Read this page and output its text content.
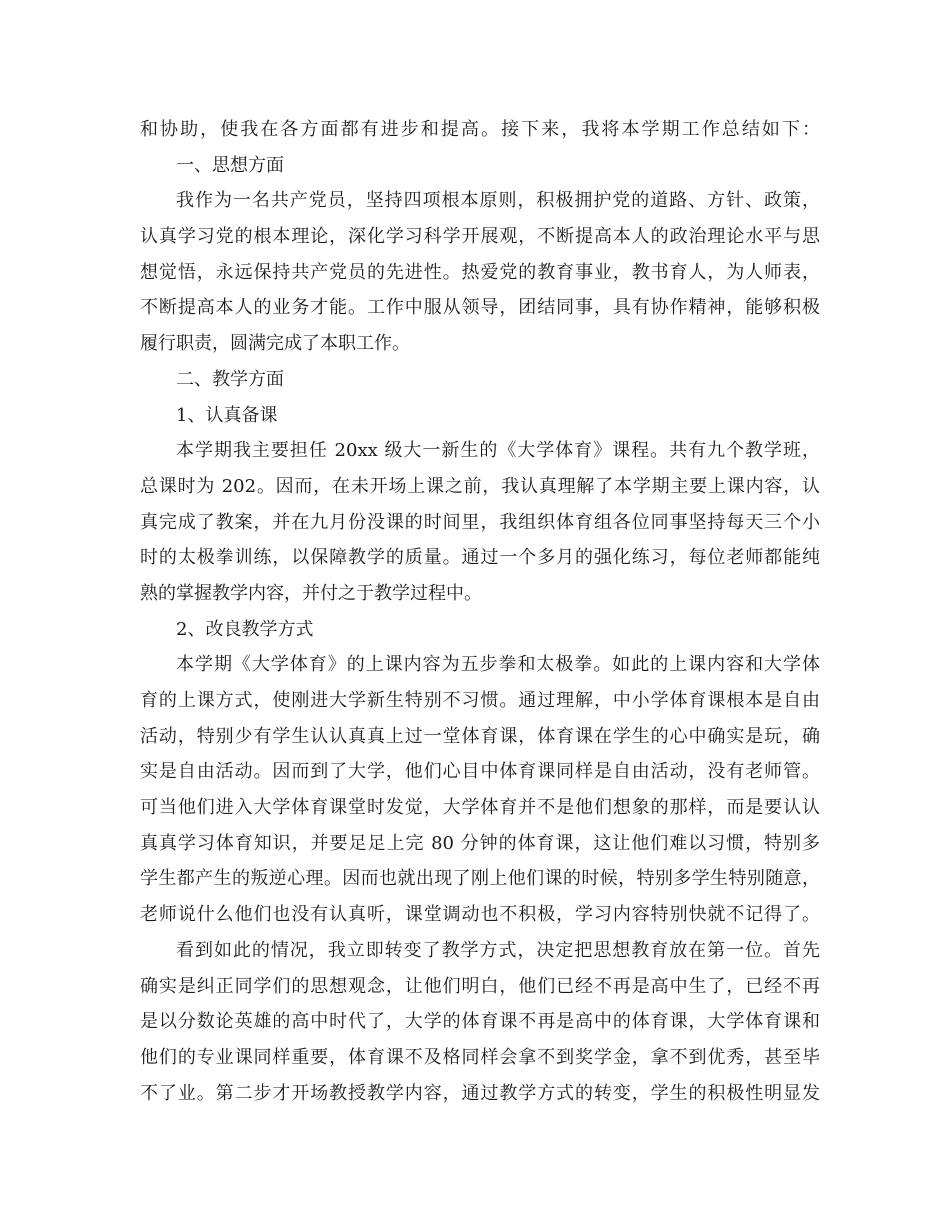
和协助，使我在各方面都有进步和提高。接下来，我将本学期工作总结如下：
一、思想方面
我作为一名共产党员，坚持四项根本原则，积极拥护党的道路、方针、政策，
认真学习党的根本理论，深化学习科学开展观，不断提高本人的政治理论水平与思
想觉悟，永远保持共产党员的先进性。热爱党的教育事业，教书育人，为人师表，
不断提高本人的业务才能。工作中服从领导，团结同事，具有协作精神，能够积极
履行职责，圆满完成了本职工作。
二、教学方面
1、认真备课
本学期我主要担任 20xx 级大一新生的《大学体育》课程。共有九个教学班，
总课时为 202。因而，在未开场上课之前，我认真理解了本学期主要上课内容，认
真完成了教案，并在九月份没课的时间里，我组织体育组各位同事坚持每天三个小
时的太极拳训练，以保障教学的质量。通过一个多月的强化练习，每位老师都能纯
熟的掌握教学内容，并付之于教学过程中。
2、改良教学方式
本学期《大学体育》的上课内容为五步拳和太极拳。如此的上课内容和大学体
育的上课方式，使刚进大学新生特别不习惯。通过理解，中小学体育课根本是自由
活动，特别少有学生认认真真上过一堂体育课，体育课在学生的心中确实是玩，确
实是自由活动。因而到了大学，他们心目中体育课同样是自由活动，没有老师管。
可当他们进入大学体育课堂时发觉，大学体育并不是他们想象的那样，而是要认认
真真学习体育知识，并要足足上完 80 分钟的体育课，这让他们难以习惯，特别多
学生都产生的叛逆心理。因而也就出现了刚上他们课的时候，特别多学生特别随意，
老师说什么他们也没有认真听，课堂调动也不积极，学习内容特别快就不记得了。
看到如此的情况，我立即转变了教学方式，决定把思想教育放在第一位。首先
确实是纠正同学们的思想观念，让他们明白，他们已经不再是高中生了，已经不再
是以分数论英雄的高中时代了，大学的体育课不再是高中的体育课，大学体育课和
他们的专业课同样重要，体育课不及格同样会拿不到奖学金，拿不到优秀，甚至毕
不了业。第二步才开场教授教学内容，通过教学方式的转变，学生的积极性明显发
